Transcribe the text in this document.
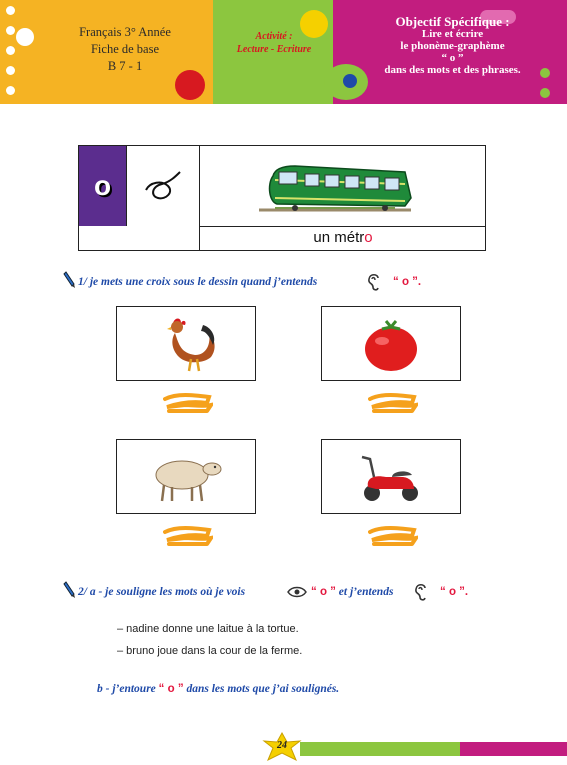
Français 3° Année
Fiche de base
B 7 - 1
Activité :
Lecture - Ecriture
Objectif Spécifique :
Lire et écrire
le phonème-graphème
“ o ”
dans des mots et des phrases.
o
un métro
1/ je mets une croix sous le dessin quand j’entends	“ o ”.
2/ a - je souligne les mots où je vois	“ o ” et j’entends	“ o ”.
– nadine donne une laitue à la tortue.
– bruno joue dans la cour de la ferme.
b - j’entoure “ o ” dans les mots que j’ai soulignés.
24
